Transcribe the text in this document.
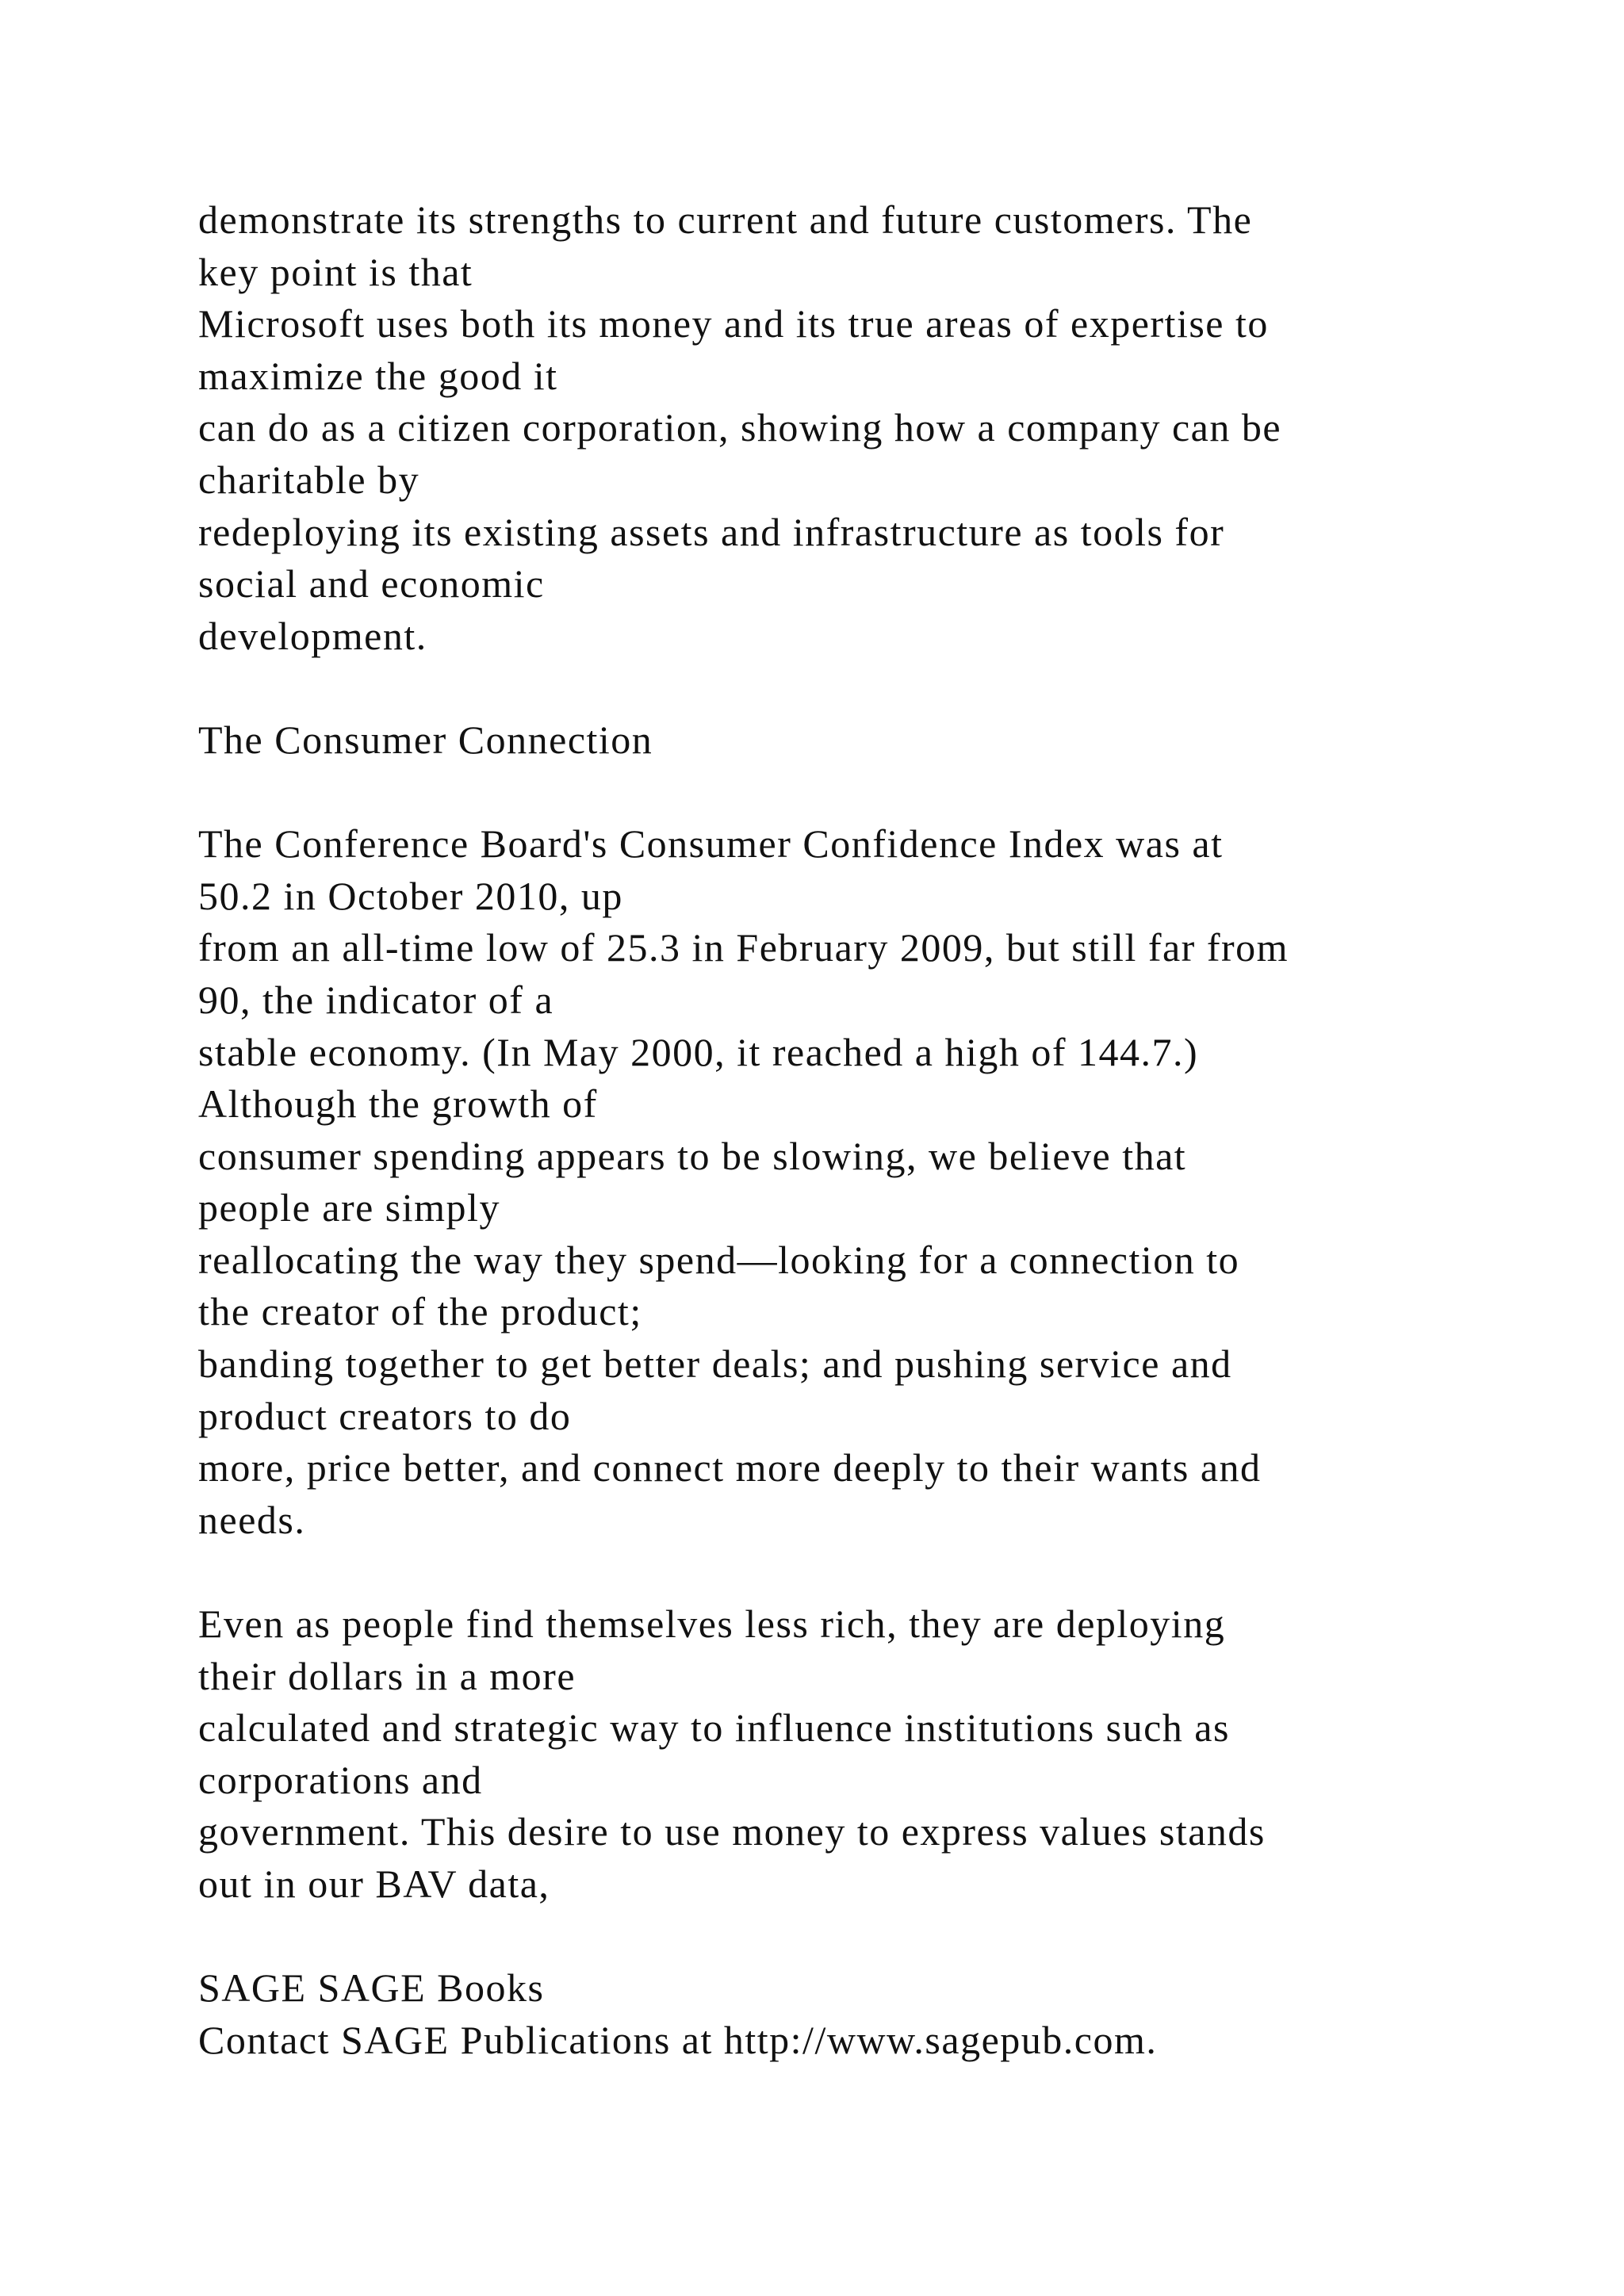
demonstrate its strengths to current and future customers. The
key point is that
Microsoft uses both its money and its true areas of expertise to
maximize the good it
can do as a citizen corporation, showing how a company can be
charitable by
redeploying its existing assets and infrastructure as tools for
social and economic
development.
The Consumer Connection
The Conference Board's Consumer Confidence Index was at
50.2 in October 2010, up
from an all-time low of 25.3 in February 2009, but still far from
90, the indicator of a
stable economy. (In May 2000, it reached a high of 144.7.)
Although the growth of
consumer spending appears to be slowing, we believe that
people are simply
reallocating the way they spend—looking for a connection to
the creator of the product;
banding together to get better deals; and pushing service and
product creators to do
more, price better, and connect more deeply to their wants and
needs.
Even as people find themselves less rich, they are deploying
their dollars in a more
calculated and strategic way to influence institutions such as
corporations and
government. This desire to use money to express values stands
out in our BAV data,
SAGE SAGE Books
Contact SAGE Publications at http://www.sagepub.com.
